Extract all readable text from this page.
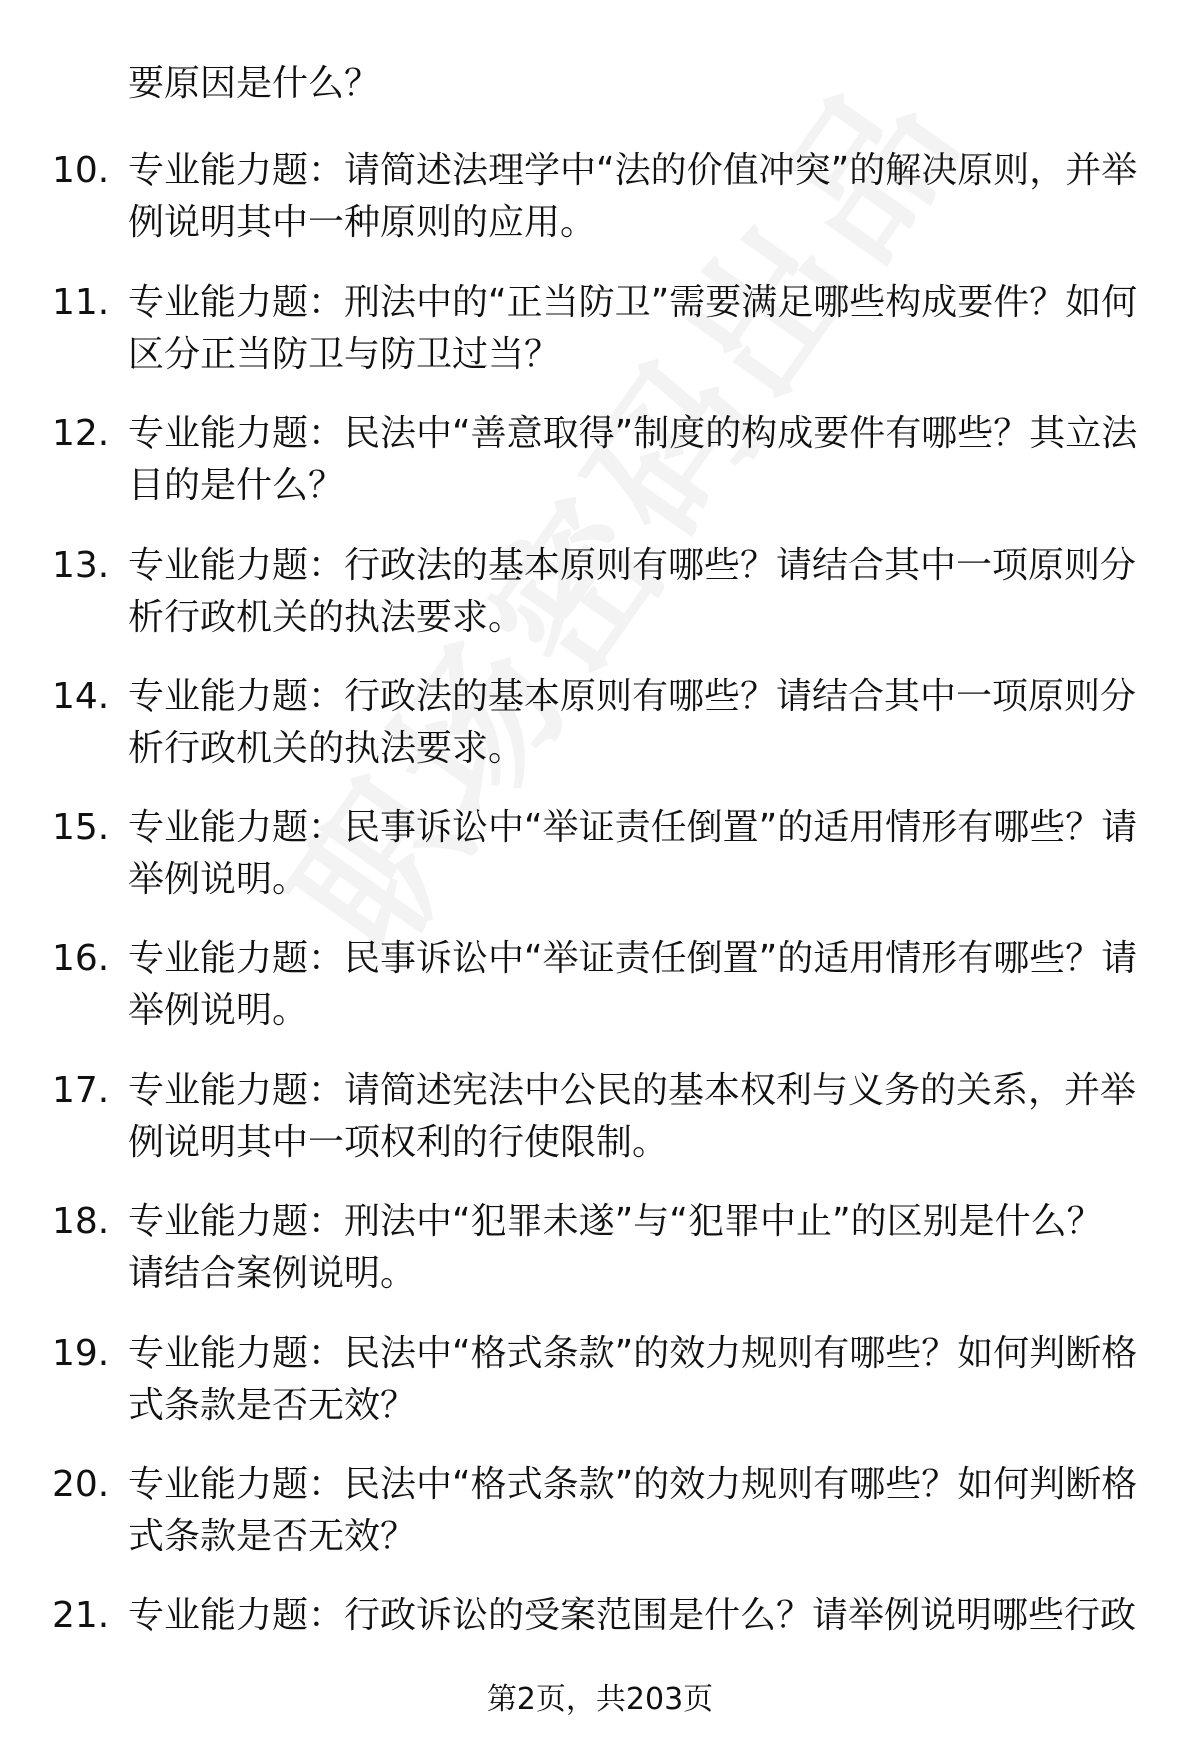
要原因是什么？
10. 专业能力题：请简述法理学中“法的价值冲突”的解决原则，并举例说明其中一种原则的应用。
11. 专业能力题：刑法中的“正当防卫”需要满足哪些构成要件？如何区分正当防卫与防卫过当？
12. 专业能力题：民法中“善意取得”制度的构成要件有哪些？其立法目的是什么？
13. 专业能力题：行政法的基本原则有哪些？请结合其中一项原则分析行政机关的执法要求。
14. 专业能力题：行政法的基本原则有哪些？请结合其中一项原则分析行政机关的执法要求。
15. 专业能力题：民事诉讼中“举证责任倒置”的适用情形有哪些？请举例说明。
16. 专业能力题：民事诉讼中“举证责任倒置”的适用情形有哪些？请举例说明。
17. 专业能力题：请简述宪法中公民的基本权利与义务的关系，并举例说明其中一项权利的行使限制。
18. 专业能力题：刑法中“犯罪未遂”与“犯罪中止”的区别是什么？请结合案例说明。
19. 专业能力题：民法中“格式条款”的效力规则有哪些？如何判断格式条款是否无效？
20. 专业能力题：民法中“格式条款”的效力规则有哪些？如何判断格式条款是否无效？
21. 专业能力题：行政诉讼的受案范围是什么？请举例说明哪些行政
第2页，共203页
